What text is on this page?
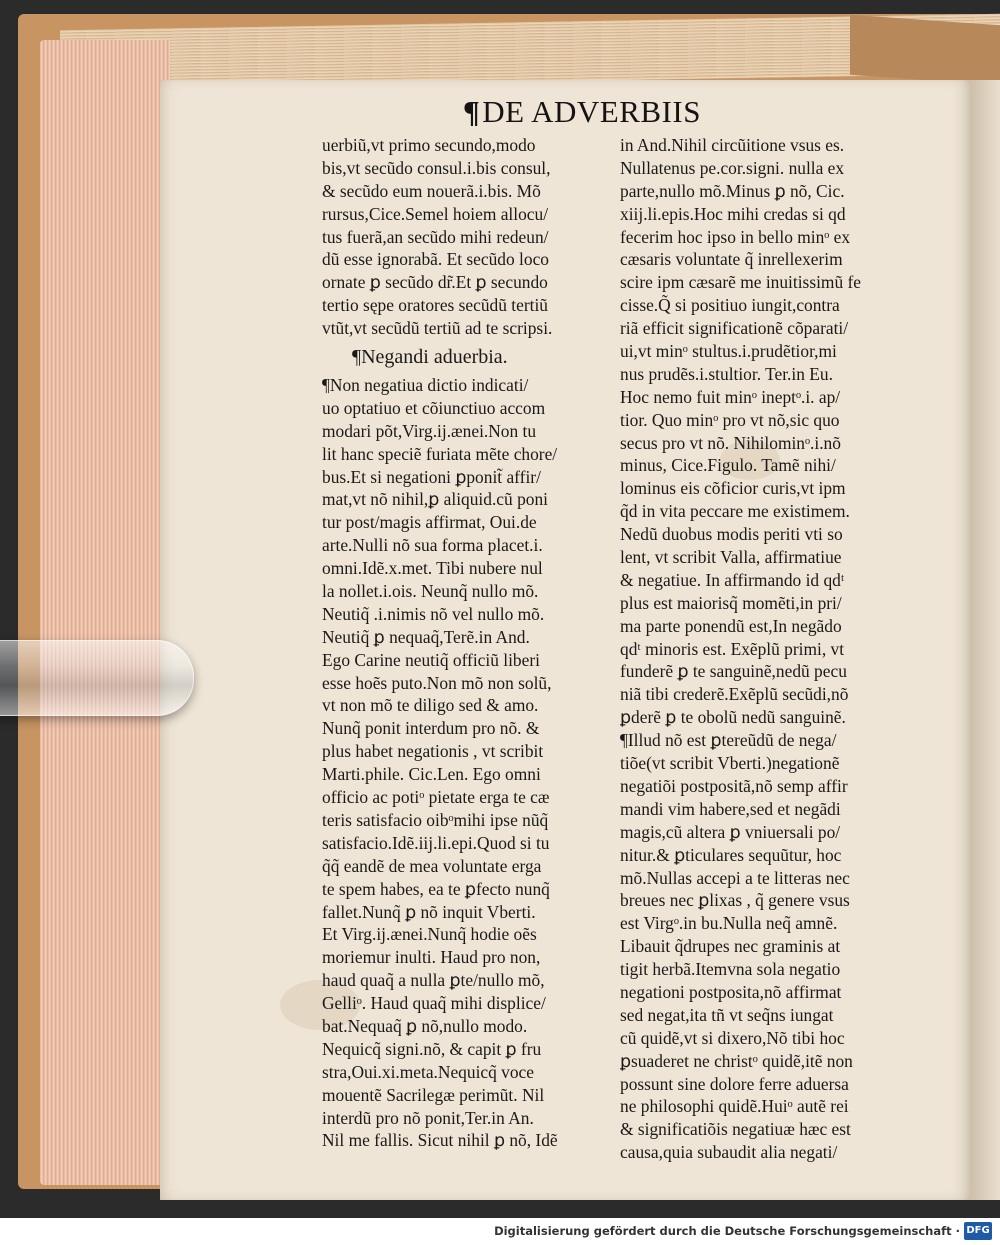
¶DE ADVERBIIS
uerbiũ,vt primo secundo,modo
bis,vt secũdo consul.i.bis consul,
& secũdo eum nouerã.i.bis. Mõ
rursus,Cice.Semel hoiem allocu/
tus fuerã,an secũdo mihi redeun/
dũ esse ignorabã. Et secũdo loco
ornate ꝑ secũdo dr̃.Et ꝑ secundo
tertio sępe oratores secũdũ tertiũ
vtũt,vt secũdũ tertiũ ad te scripsi.
¶Negandi aduerbia.
¶Non negatiua dictio indicati/
uo optatiuo et cõiunctiuo accom
modari põt,Virg.ij.ænei.Non tu
lit hanc speciẽ furiata mẽte chore/
bus.Et si negationi ꝑponit̃ affir/
mat,vt nõ nihil,ꝑ aliquid.cũ poni
tur post/magis affirmat, Oui.de
arte.Nulli nõ sua forma placet.i.
omni.Idẽ.x.met. Tibi nubere nul
la nollet.i.ois. Neunq̃ nullo mõ.
Neutiq̃ .i.nimis nõ vel nullo mõ.
Neutiq̃ ꝑ nequaq̃,Terẽ.in And.
Ego Carine neutiq̃ officiũ liberi
esse hoẽs puto.Non mõ non solũ,
vt non mõ te diligo sed & amo.
Nunq̃ ponit interdum pro nõ. &
plus habet negationis , vt scribit
Marti.phile. Cic.Len. Ego omni
officio ac potiᵒ pietate erga te cæ
teris satisfacio oibᵒmihi ipse nũq̃
satisfacio.Idẽ.iij.li.epi.Quod si tu
q̃q̃ eandẽ de mea voluntate erga
te spem habes, ea te ꝑfecto nunq̃
fallet.Nunq̃ ꝑ nõ inquit Vberti.
Et Virg.ij.ænei.Nunq̃ hodie oẽs
moriemur inulti. Haud pro non,
haud quaq̃ a nulla ꝑte/nullo mõ,
Gelliᵒ. Haud quaq̃ mihi displice/
bat.Nequaq̃ ꝑ nõ,nullo modo.
Nequicq̃ signi.nõ, & capit ꝑ fru
stra,Oui.xi.meta.Nequicq̃ voce
mouentẽ Sacrilegæ perimũt. Nil
interdũ pro nõ ponit,Ter.in An.
Nil me fallis. Sicut nihil ꝑ nõ, Idẽ
in And.Nihil circũitione vsus es.
Nullatenus pe.cor.signi. nulla ex
parte,nullo mõ.Minus ꝑ nõ, Cic.
xiij.li.epis.Hoc mihi credas si qd
fecerim hoc ipso in bello minᵒ ex
cæsaris voluntate q̃ inrellexerim
scire ipm cæsarẽ me inuitissimũ fe
cisse.Q̃ si positiuo iungit,contra
riã efficit significationẽ cõparati/
ui,vt minᵒ stultus.i.prudẽtior,mi
nus prudẽs.i.stultior. Ter.in Eu.
Hoc nemo fuit minᵒ ineptᵒ.i. ap/
tior. Quo minᵒ pro vt nõ,sic quo
secus pro vt nõ. Nihilominᵒ.i.nõ
minus, Cice.Figulo. Tamẽ nihi/
lominus eis cõficior curis,vt ipm
q̃d in vita peccare me existimem.
Nedũ duobus modis periti vti so
lent, vt scribit Valla, affirmatiue
& negatiue. In affirmando id qdᵗ
plus est maiorisq̃ momẽti,in pri/
ma parte ponendũ est,In negãdo
qdᵗ minoris est. Exẽplũ primi, vt
funderẽ ꝑ te sanguinẽ,nedũ pecu
niã tibi crederẽ.Exẽplũ secũdi,nõ
ꝑderẽ ꝑ te obolũ nedũ sanguinẽ.
¶Illud nõ est ꝑtereũdũ de nega/
tiõe(vt scribit Vberti.)negationẽ
negatiõi postpositã,nõ semp affir
mandi vim habere,sed et negãdi
magis,cũ altera ꝑ vniuersali po/
nitur.& ꝑticulares sequũtur, hoc
mõ.Nullas accepi a te litteras nec
breues nec ꝑlixas , q̃ genere vsus
est Virgᵒ.in bu.Nulla neq̃ amnẽ.
Libauit q̃drupes nec graminis at
tigit herbã.Itemvna sola negatio
negationi postposita,nõ affirmat
sed negat,ita tñ vt seq̃ns iungat
cũ quidẽ,vt si dixero,Nõ tibi hoc
ꝑsuaderet ne christᵒ quidẽ,itẽ non
possunt sine dolore ferre aduersa
ne philosophi quidẽ.Huiᵒ autẽ rei
& significatiõis negatiuæ hæc est
causa,quia subaudit alia negati/
Digitalisierung gefördert durch die Deutsche Forschungsgemeinschaft · DFG
